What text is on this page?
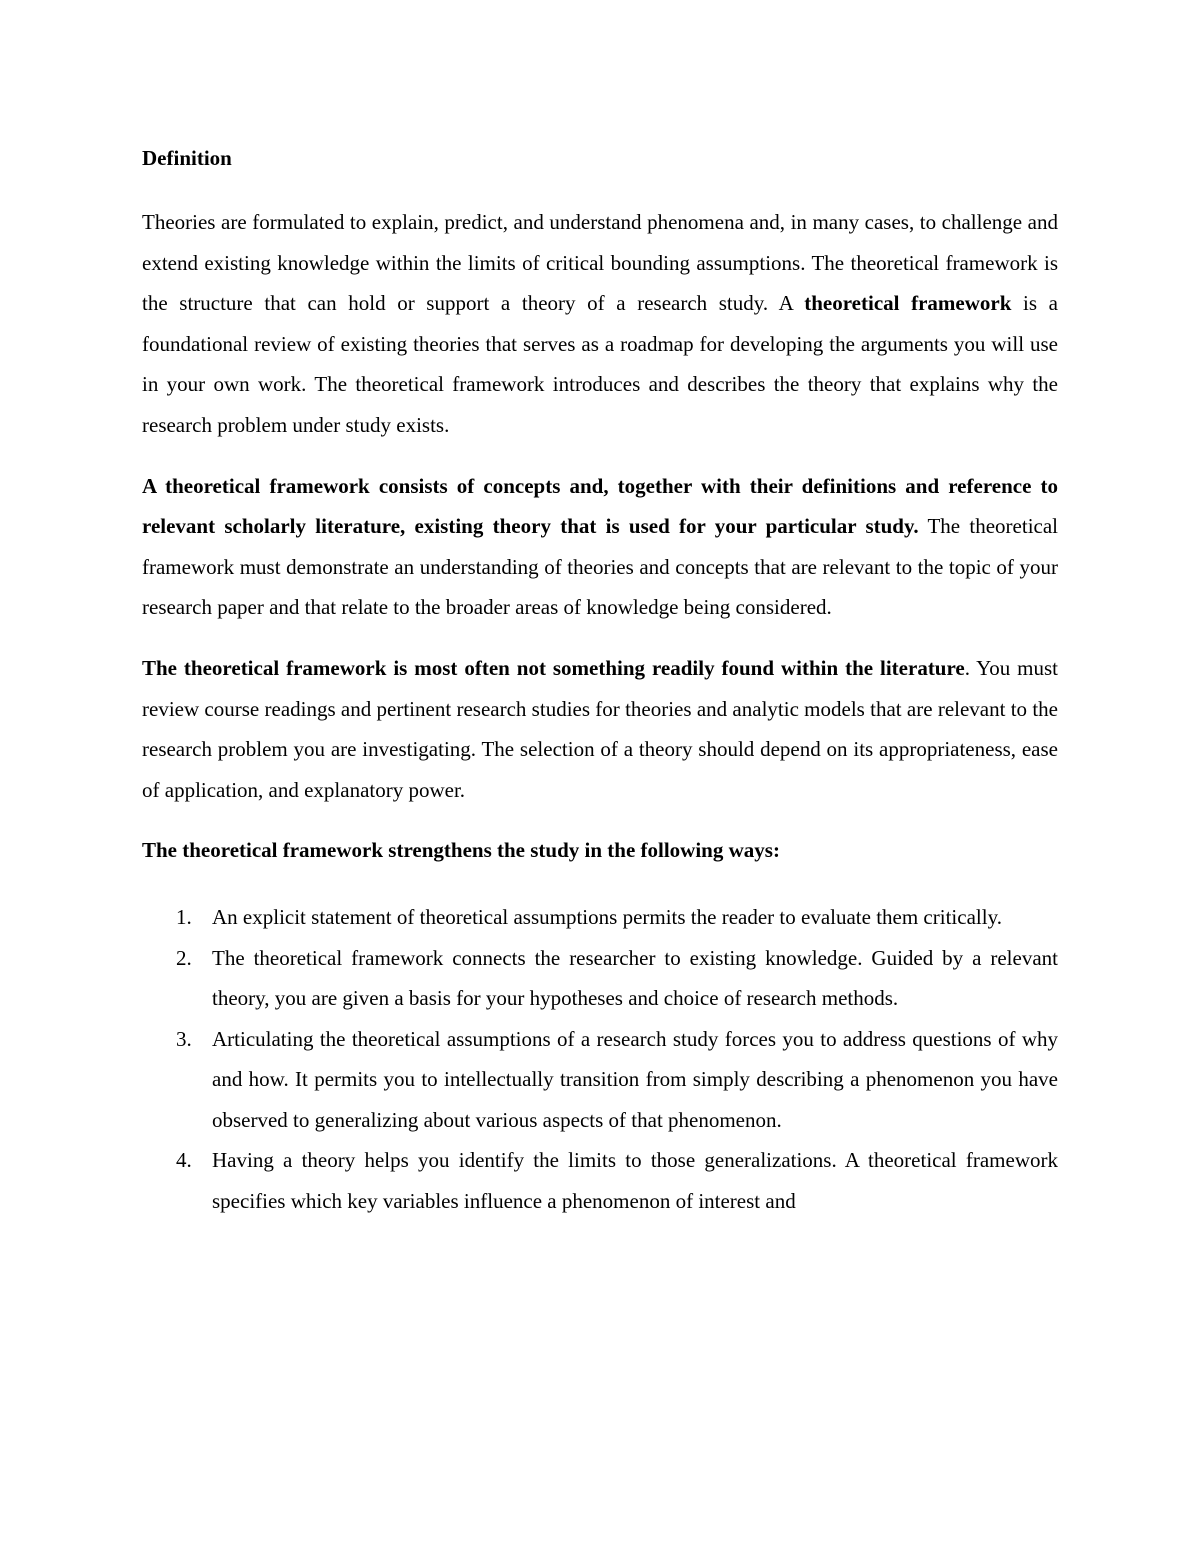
Definition

Theories are formulated to explain, predict, and understand phenomena and, in many cases, to challenge and extend existing knowledge within the limits of critical bounding assumptions. The theoretical framework is the structure that can hold or support a theory of a research study. A theoretical framework is a foundational review of existing theories that serves as a roadmap for developing the arguments you will use in your own work. The theoretical framework introduces and describes the theory that explains why the research problem under study exists.

A theoretical framework consists of concepts and, together with their definitions and reference to relevant scholarly literature, existing theory that is used for your particular study. The theoretical framework must demonstrate an understanding of theories and concepts that are relevant to the topic of your research paper and that relate to the broader areas of knowledge being considered.

The theoretical framework is most often not something readily found within the literature. You must review course readings and pertinent research studies for theories and analytic models that are relevant to the research problem you are investigating. The selection of a theory should depend on its appropriateness, ease of application, and explanatory power.

The theoretical framework strengthens the study in the following ways:

1. An explicit statement of theoretical assumptions permits the reader to evaluate them critically.
2. The theoretical framework connects the researcher to existing knowledge. Guided by a relevant theory, you are given a basis for your hypotheses and choice of research methods.
3. Articulating the theoretical assumptions of a research study forces you to address questions of why and how. It permits you to intellectually transition from simply describing a phenomenon you have observed to generalizing about various aspects of that phenomenon.
4. Having a theory helps you identify the limits to those generalizations. A theoretical framework specifies which key variables influence a phenomenon of interest and
